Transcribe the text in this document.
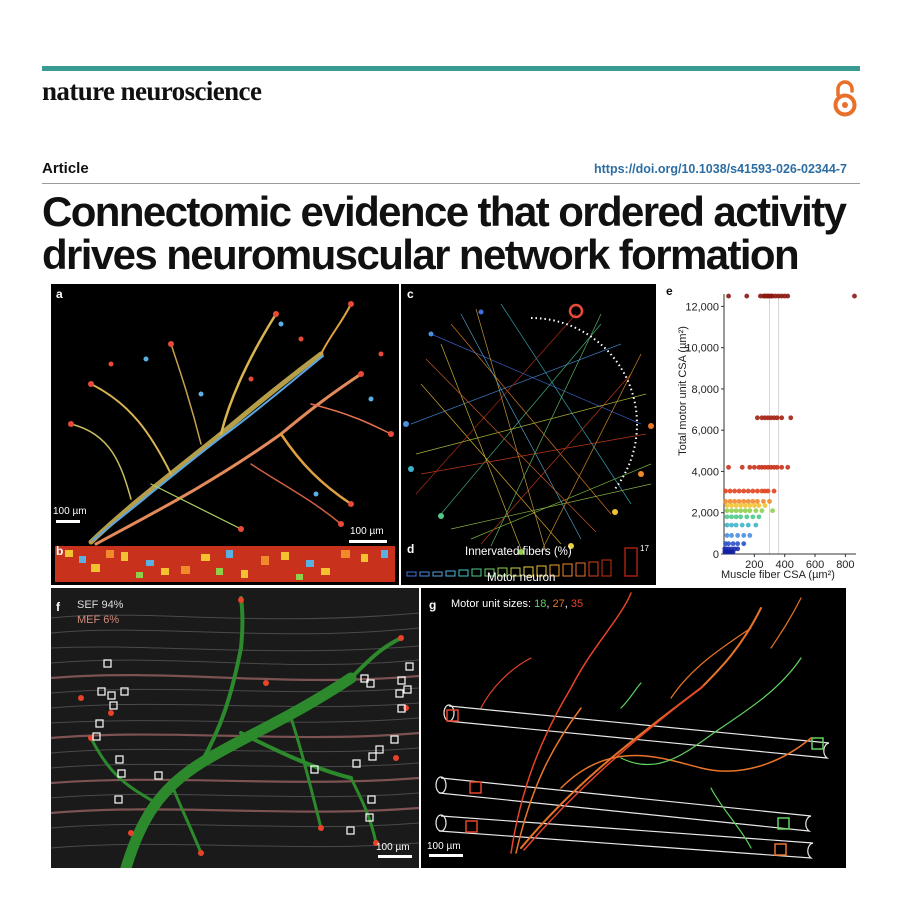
nature neuroscience
Article	https://doi.org/10.1038/s41593-026-02344-7
Connectomic evidence that ordered activity
drives neuromuscular network formation
a
100 µm
100 µm
b
c
d	Innervated fibers (%)	17
Motor neuron
0
2,000
4,000
6,000
8,000
10,000
12,000
200 400 600 800
e
Muscle fiber CSA (µm²)
Total motor unit CSA (µm²)
f SEF 94%
MEF 6%
100 µm
g Motor unit sizes: 18, 27, 35
100 µm
